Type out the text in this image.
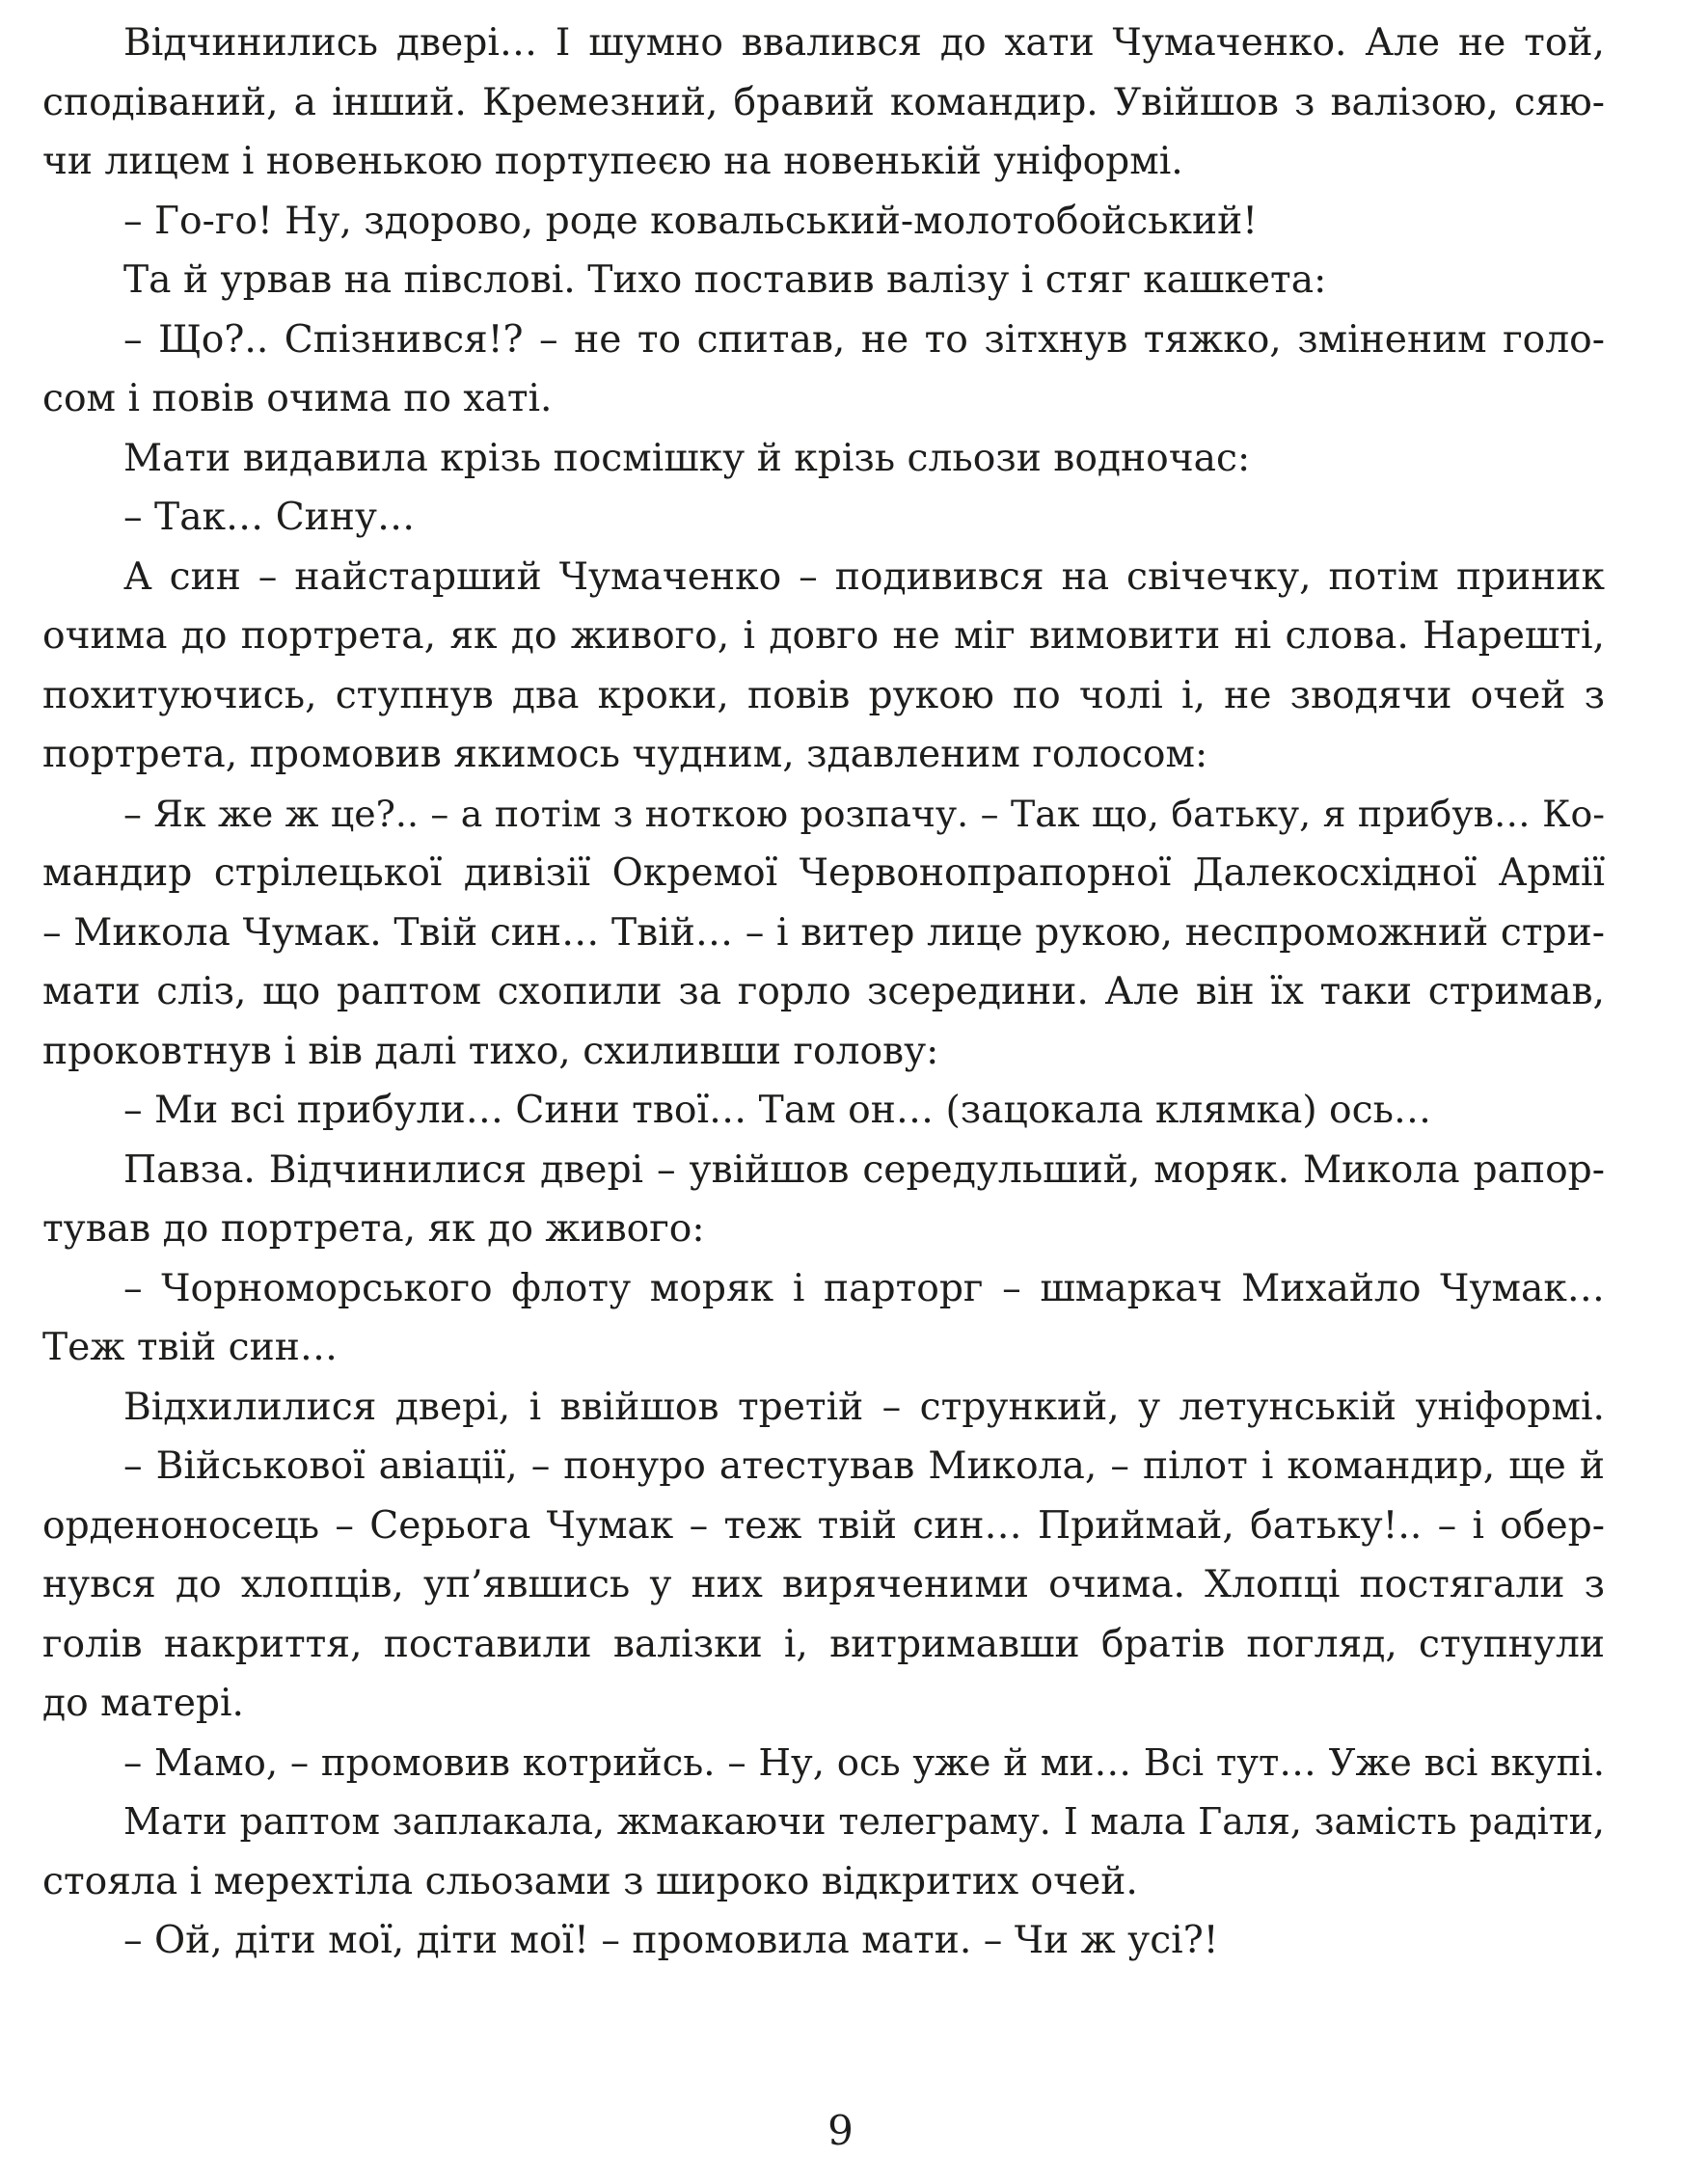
Відчинились двері… І шумно ввалився до хати Чумаченко. Але не той,
сподіваний, а інший. Кремезний, бравий командир. Увійшов з валізою, сяю-
чи лицем і новенькою портупеєю на новенькій уніформі.
– Го-го! Ну, здорово, роде ковальський-молотобойський!
Та й урвав на півслові. Тихо поставив валізу і стяг кашкета:
– Що?.. Спізнився!? – не то спитав, не то зітхнув тяжко, зміненим голо-
сом і повів очима по хаті.
Мати видавила крізь посмішку й крізь сльози водночас:
– Так… Сину…
А син – найстарший Чумаченко – подивився на свічечку, потім приник
очима до портрета, як до живого, і довго не міг вимовити ні слова. Нарешті,
похитуючись, ступнув два кроки, повів рукою по чолі і, не зводячи очей з
портрета, промовив якимось чудним, здавленим голосом:
– Як же ж це?.. – а потім з ноткою розпачу. – Так що, батьку, я прибув… Ко-
мандир стрілецької дивізії Окремої Червонопрапорної Далекосхідної Армії
– Микола Чумак. Твій син… Твій… – і витер лице рукою, неспроможний стри-
мати сліз, що раптом схопили за горло зсередини. Але він їх таки стримав,
проковтнув і вів далі тихо, схиливши голову:
– Ми всі прибули… Сини твої… Там он… (зацокала клямка) ось…
Павза. Відчинилися двері – увійшов середульший, моряк. Микола рапор-
тував до портрета, як до живого:
– Чорноморського флоту моряк і парторг – шмаркач Михайло Чумак…
Теж твій син…
Відхилилися двері, і ввійшов третій – стрункий, у летунській уніформі.
– Військової авіації, – понуро атестував Микола, – пілот і командир, ще й
орденоносець – Серьога Чумак – теж твій син… Приймай, батьку!.. – і обер-
нувся до хлопців, уп’явшись у них виряченими очима. Хлопці постягали з
голів накриття, поставили валізки і, витримавши братів погляд, ступнули
до матері.
– Мамо, – промовив котрийсь. – Ну, ось уже й ми… Всі тут… Уже всі вкупі.
Мати раптом заплакала, жмакаючи телеграму. І мала Галя, замість радіти,
стояла і мерехтіла сльозами з широко відкритих очей.
– Ой, діти мої, діти мої! – промовила мати. – Чи ж усі?!
9
